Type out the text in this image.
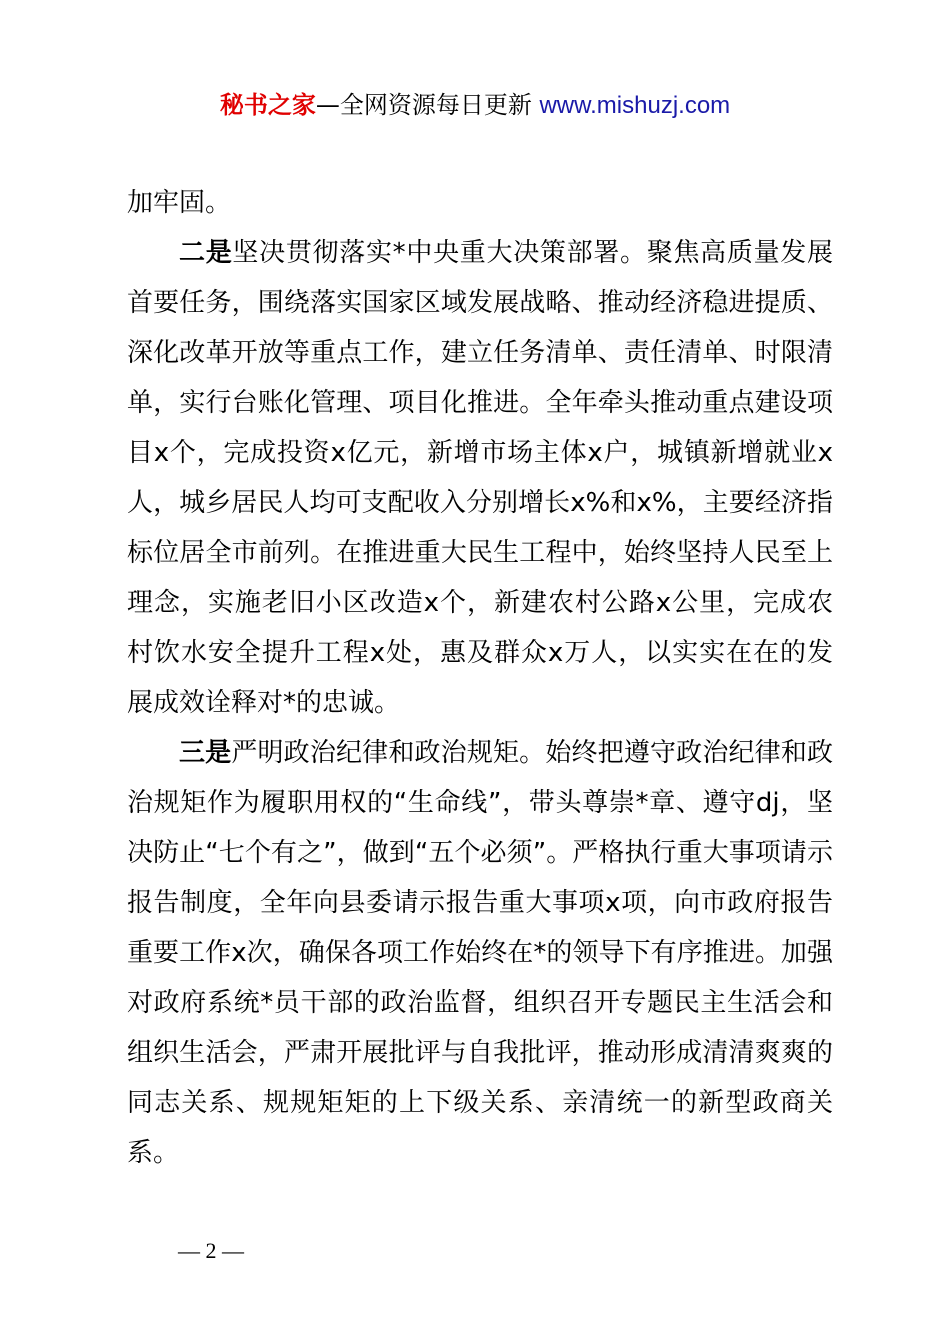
秘书之家—全网资源每日更新 www.mishuzj.com

加牢固。

二是坚决贯彻落实*中央重大决策部署。聚焦高质量发展首要任务，围绕落实国家区域发展战略、推动经济稳进提质、深化改革开放等重点工作，建立任务清单、责任清单、时限清单，实行台账化管理、项目化推进。全年牵头推动重点建设项目x个，完成投资x亿元，新增市场主体x户，城镇新增就业x人，城乡居民人均可支配收入分别增长x%和x%，主要经济指标位居全市前列。在推进重大民生工程中，始终坚持人民至上理念，实施老旧小区改造x个，新建农村公路x公里，完成农村饮水安全提升工程x处，惠及群众x万人，以实实在在的发展成效诠释对*的忠诚。

三是严明政治纪律和政治规矩。始终把遵守政治纪律和政治规矩作为履职用权的“生命线”，带头尊崇*章、遵守dj，坚决防止“七个有之”，做到“五个必须”。严格执行重大事项请示报告制度，全年向县委请示报告重大事项x项，向市政府报告重要工作x次，确保各项工作始终在*的领导下有序推进。加强对政府系统*员干部的政治监督，组织召开专题民主生活会和组织生活会，严肃开展批评与自我批评，推动形成清清爽爽的同志关系、规规矩矩的上下级关系、亲清统一的新型政商关系。

— 2 —
